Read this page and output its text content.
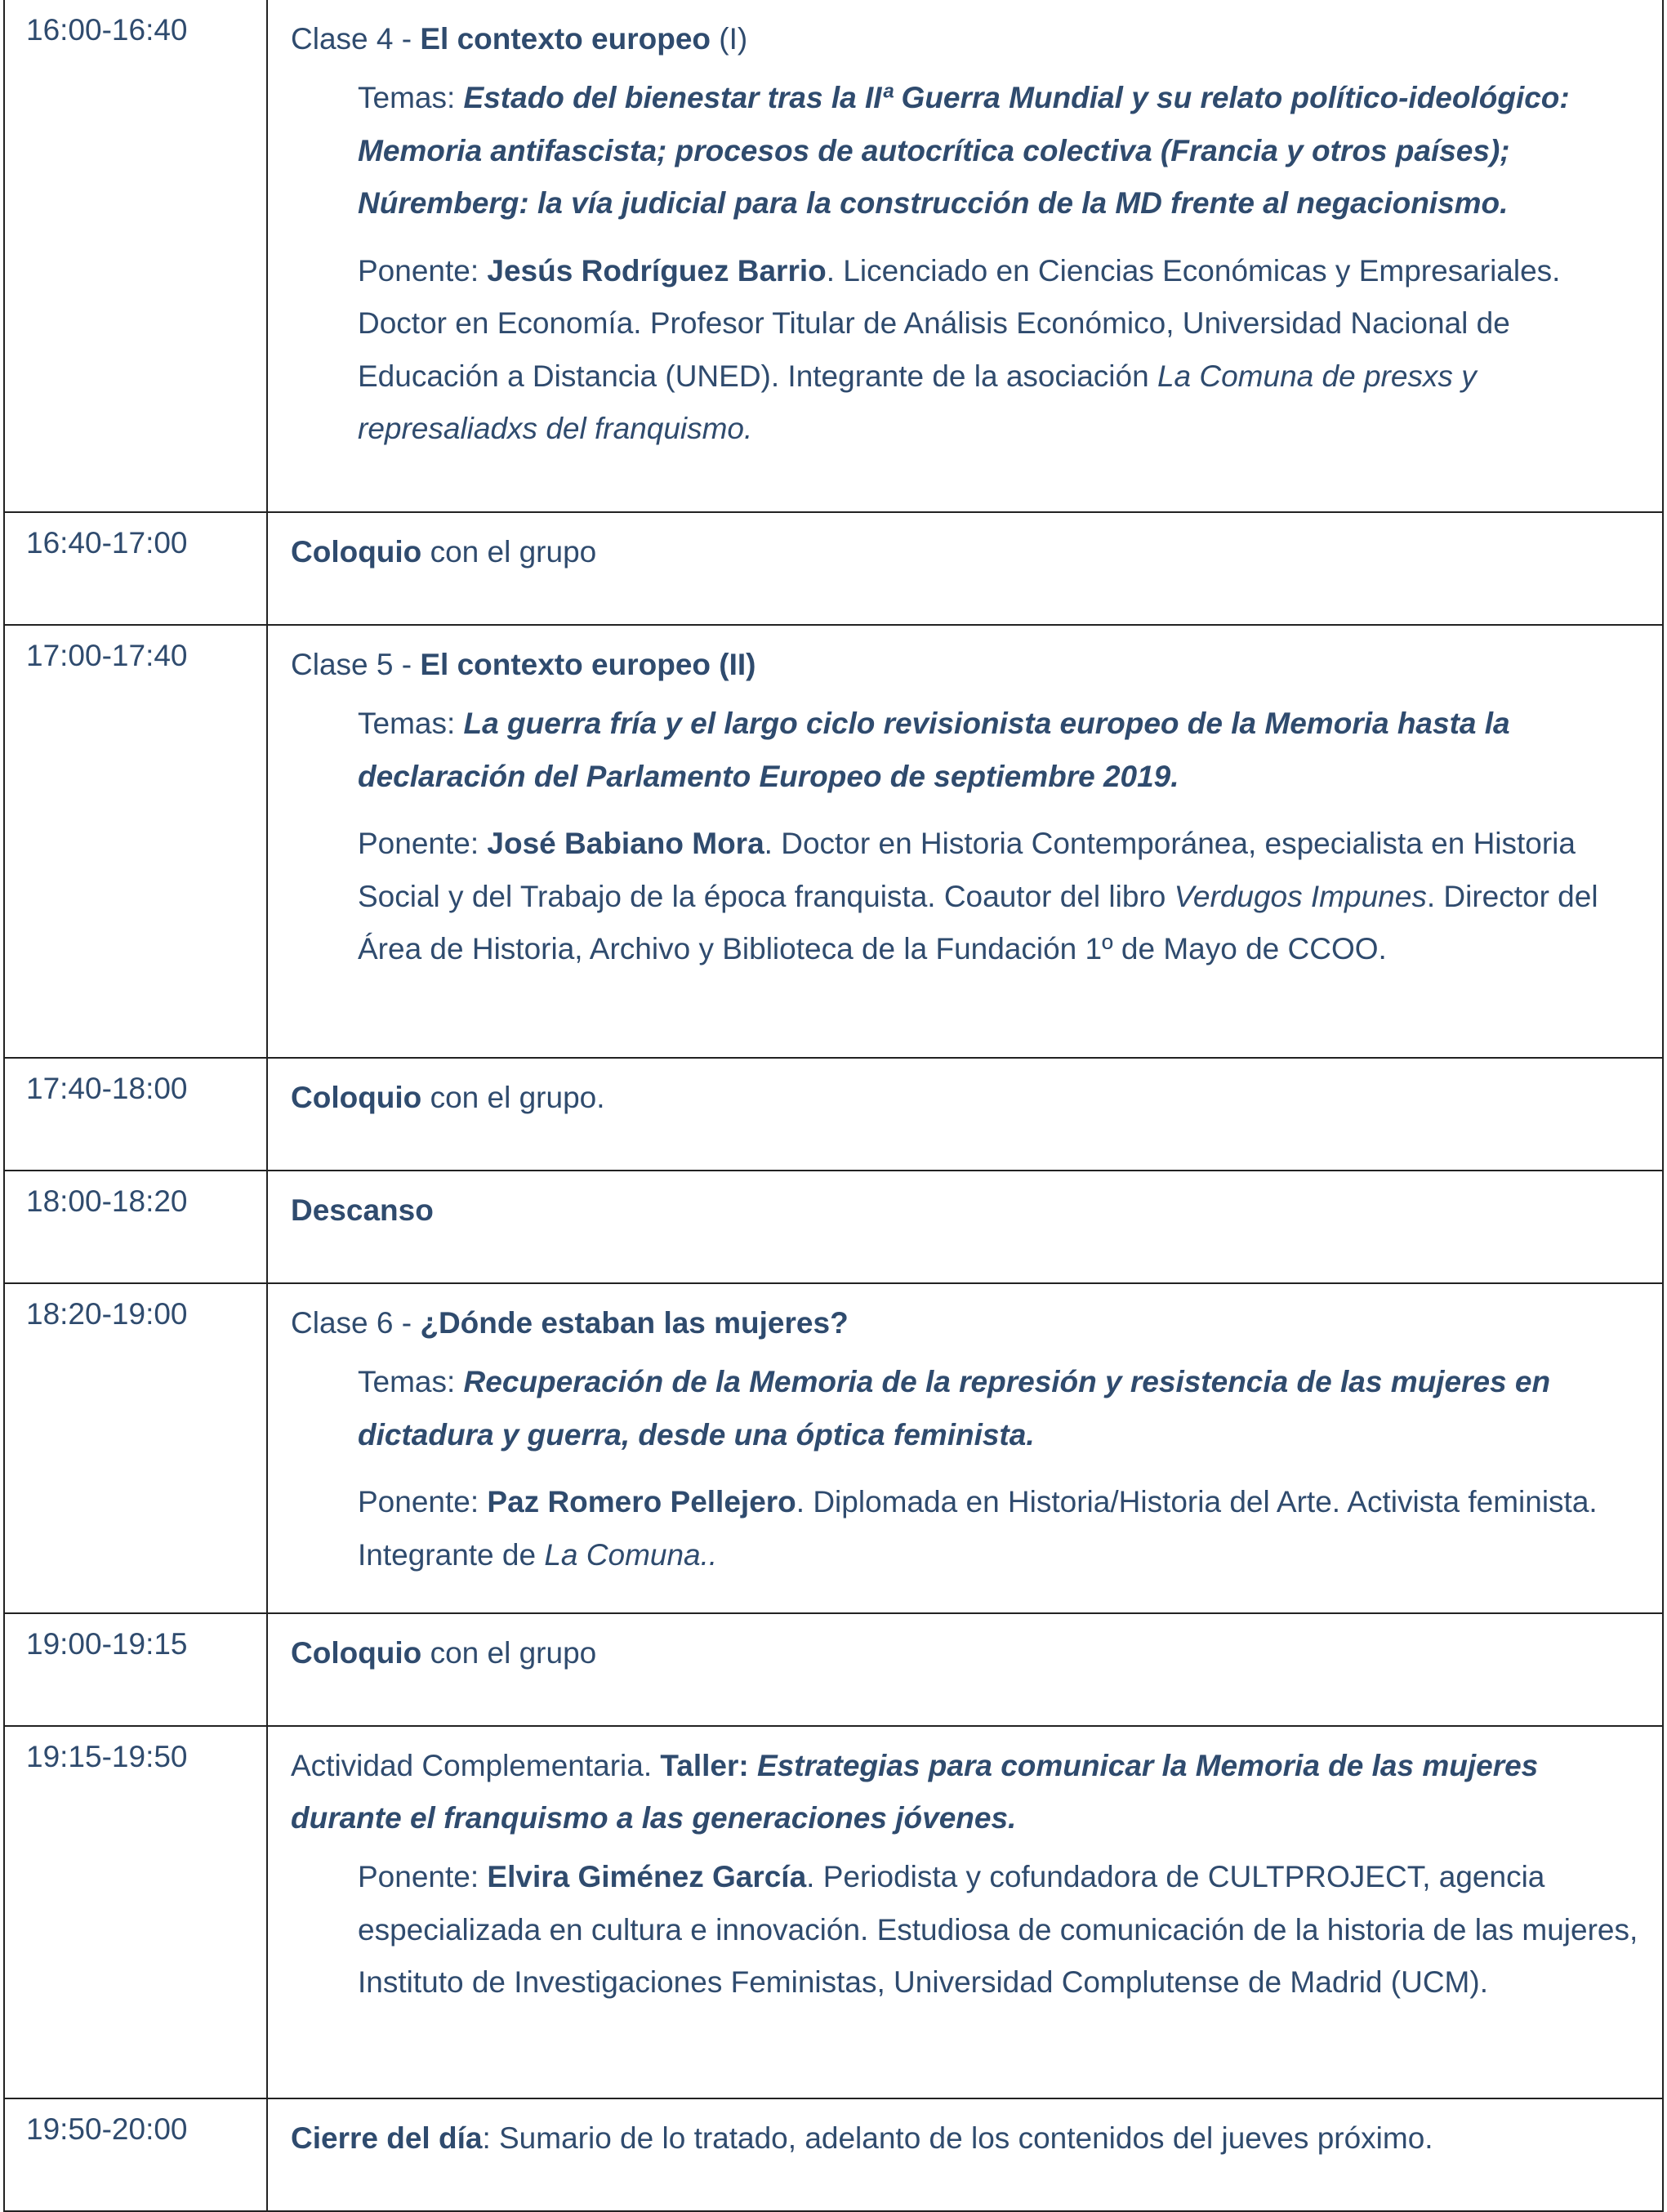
16:00-16:40	Clase 4 - El contexto europeo (I)
Temas: Estado del bienestar tras la IIª Guerra Mundial y su relato político-ideológico: Memoria antifascista; procesos de autocrítica colectiva (Francia y otros países); Núremberg: la vía judicial para la construcción de la MD frente al negacionismo.
Ponente: Jesús Rodríguez Barrio. Licenciado en Ciencias Económicas y Empresariales. Doctor en Economía. Profesor Titular de Análisis Económico, Universidad Nacional de Educación a Distancia (UNED). Integrante de la asociación La Comuna de presxs y represaliadxs del franquismo.

16:40-17:00	Coloquio con el grupo

17:00-17:40	Clase 5 - El contexto europeo (II)
Temas: La guerra fría y el largo ciclo revisionista europeo de la Memoria hasta la declaración del Parlamento Europeo de septiembre 2019.
Ponente: José Babiano Mora. Doctor en Historia Contemporánea, especialista en Historia Social y del Trabajo de la época franquista. Coautor del libro Verdugos Impunes. Director del Área de Historia, Archivo y Biblioteca de la Fundación 1º de Mayo de CCOO.

17:40-18:00	Coloquio con el grupo.

18:00-18:20	Descanso

18:20-19:00	Clase 6 - ¿Dónde estaban las mujeres?
Temas: Recuperación de la Memoria de la represión y resistencia de las mujeres en dictadura y guerra, desde una óptica feminista.
Ponente: Paz Romero Pellejero. Diplomada en Historia/Historia del Arte. Activista feminista. Integrante de La Comuna..

19:00-19:15	Coloquio con el grupo

19:15-19:50	Actividad Complementaria. Taller: Estrategias para comunicar la Memoria de las mujeres durante el franquismo a las generaciones jóvenes.
Ponente: Elvira Giménez García. Periodista y cofundadora de CULTPROJECT, agencia especializada en cultura e innovación. Estudiosa de comunicación de la historia de las mujeres, Instituto de Investigaciones Feministas, Universidad Complutense de Madrid (UCM).

19:50-20:00	Cierre del día: Sumario de lo tratado, adelanto de los contenidos del jueves próximo.
